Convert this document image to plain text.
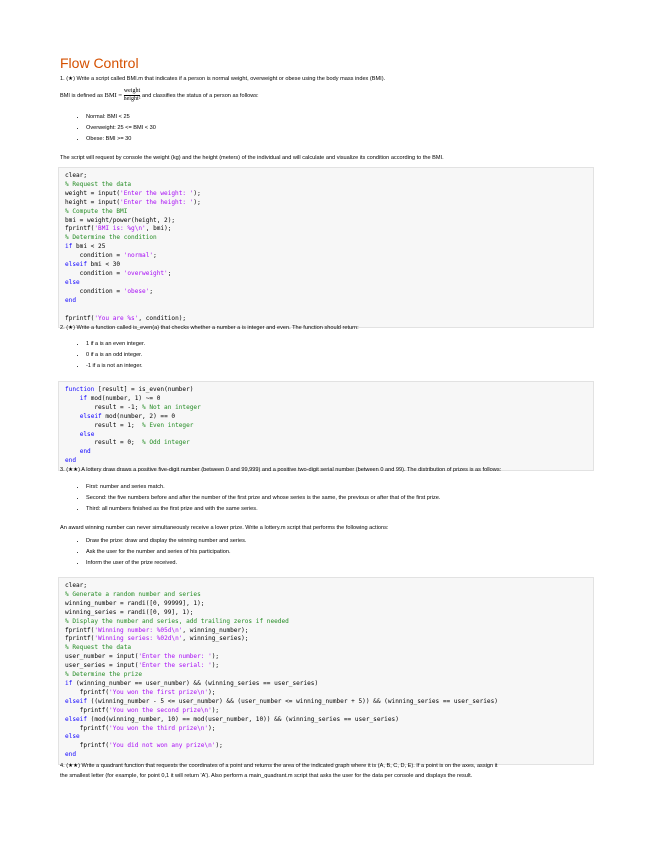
Flow Control
1. (★) Write a script called BMI.m that indicates if a person is normal weight, overweight or obese using the body mass index (BMI).
BMI is defined as BMI = $\frac{\text{weight}}{\text{height²}}$ and classifies the status of a person as follows:
• Normal: BMI < 25
• Overweight: 25 <= BMI < 30
• Obese: BMI >= 30
The script will request by console the weight (kg) and the height (meters) of the individual and will calculate and visualize its condition according to the BMI.
clear;
% Request the data
weight = input('Enter the weight: ');
height = input('Enter the height: ');
% Compute the BMI
bmi = weight/power(height, 2);
fprintf('BMI is: %g\n', bmi);
% Determine the condition
if bmi < 25
condition = 'normal';
elseif bmi < 30
condition = 'overweight';
else
condition = 'obese';
end

fprintf('You are %s', condition);
2. (★) Write a function called is_even(a) that checks whether a number a is integer and even. The function should return:
• 1 if a is an even integer.
• 0 if a is an odd integer.
• -1 if a is not an integer.
function [result] = is_even(number)
if mod(number, 1) ~= 0
result = -1; % Not an integer
elseif mod(number, 2) == 0
result = 1;  % Even integer
else
result = 0;  % Odd integer
end
end
3. (★★) A lottery draw draws a positive five-digit number (between 0 and 99,999) and a positive two-digit serial number (between 0 and 99). The distribution of prizes is as follows:
• First: number and series match.
• Second: the five numbers before and after the number of the first prize and whose series is the same, the previous or after that of the first prize.
• Third: all numbers finished as the first prize and with the same series.
An award winning number can never simultaneously receive a lower prize. Write a lottery.m script that performs the following actions:
• Draw the prize: draw and display the winning number and series.
• Ask the user for the number and series of his participation.
• Inform the user of the prize received.
clear;
% Generate a random number and series
winning_number = randi([0, 99999], 1);
winning_series = randi([0, 99], 1);
% Display the number and series, add trailing zeros if needed
fprintf('Winning number: %05d\n', winning_number);
fprintf('Winning series: %02d\n', winning_series);
% Request the data
user_number = input('Enter the number: ');
user_series = input('Enter the serial: ');
% Determine the prize
if (winning_number == user_number) && (winning_series == user_series)
fprintf('You won the first prize\n');
elseif ((winning_number - 5 <= user_number) && (user_number <= winning_number + 5)) && (winning_series == user_series)
fprintf('You won the second prize\n');
elseif (mod(winning_number, 10) == mod(user_number, 10)) && (winning_series == user_series)
fprintf('You won the third prize\n');
else
fprintf('You did not won any prize\n');
end
4. (★★) Write a quadrant function that requests the coordinates of a point and returns the area of the indicated graph where it is (A, B, C, D, E). If a point is on the axes, assign it
the smallest letter (for example, for point 0,1 it will return 'A'). Also perform a main_quadrant.m script that asks the user for the data per console and displays the result.
